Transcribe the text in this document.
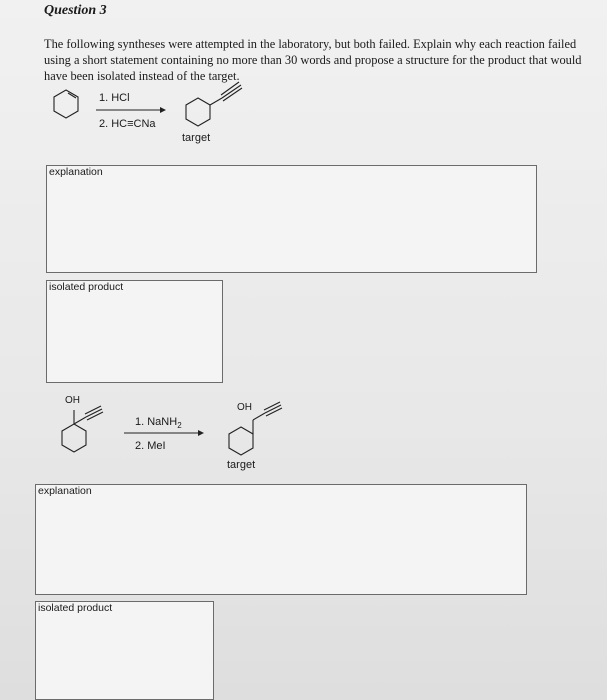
Question 3
The following syntheses were attempted in the laboratory, but both failed. Explain why each reaction failed using a short statement containing no more than 30 words and propose a structure for the product that would have been isolated instead of the target.
1. HCl
2. HC≡CNa
target
explanation
isolated product
OH
1. NaNH$_2$
2. MeI
OH
target
explanation
isolated product
